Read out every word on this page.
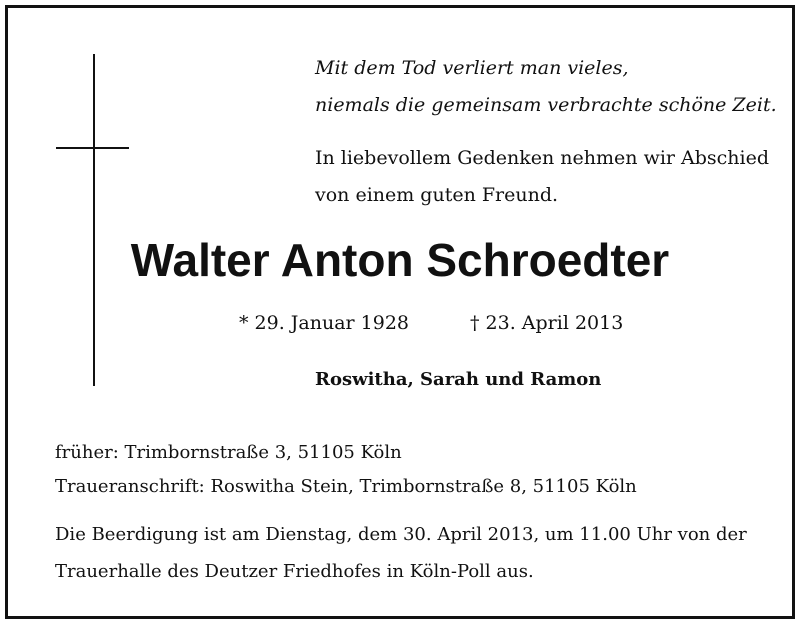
Mit dem Tod verliert man vieles,
niemals die gemeinsam verbrachte schöne Zeit.
In liebevollem Gedenken nehmen wir Abschied
von einem guten Freund.
Walter Anton Schroedter
* 29. Januar 1928	† 23. April 2013
Roswitha, Sarah und Ramon
früher: Trimbornstraße 3, 51105 Köln
Traueranschrift: Roswitha Stein, Trimbornstraße 8, 51105 Köln
Die Beerdigung ist am Dienstag, dem 30. April 2013, um 11.00 Uhr von der
Trauerhalle des Deutzer Friedhofes in Köln-Poll aus.
